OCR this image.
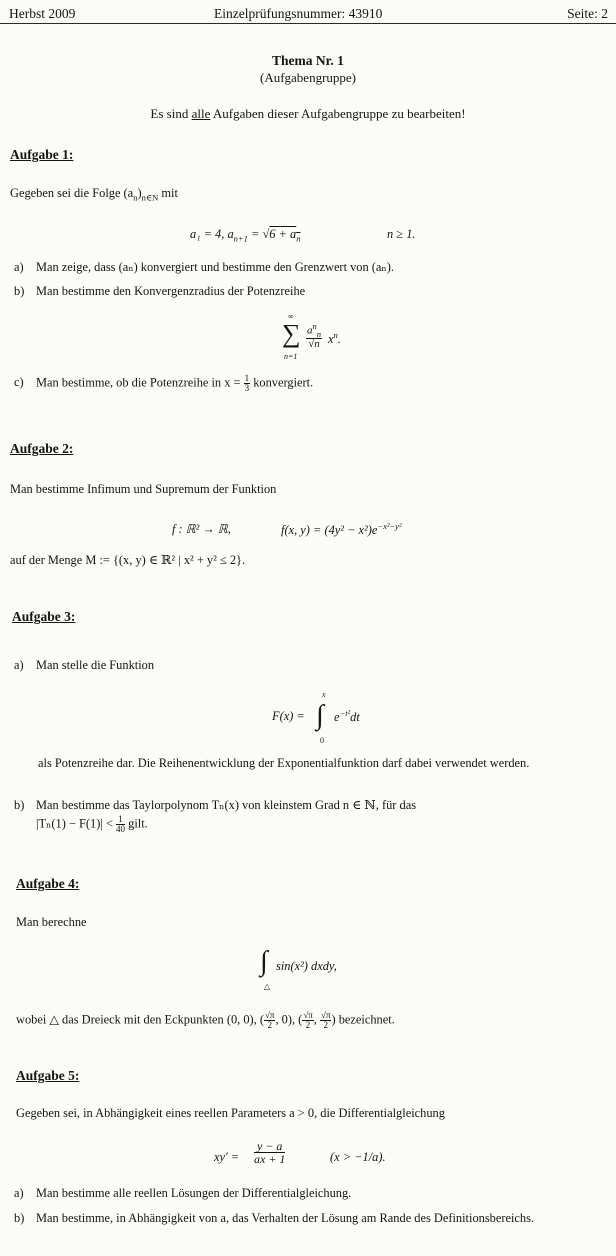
Herbst 2009	Einzelprüfungsnummer: 43910	Seite: 2
Thema Nr. 1
(Aufgabengruppe)
Es sind alle Aufgaben dieser Aufgabengruppe zu bearbeiten!
Aufgabe 1:
Gegeben sei die Folge $(a_n)_{n\in N}$ mit
a₁ = 4, $a_{n+1} = √6 + a_n$	n ≥ 1.
a) Man zeige, dass (aₙ) konvergiert und bestimme den Grenzwert von (aₙ).
b) Man bestimme den Konvergenzradius der Potenzreihe
∞
∑
n=1
$a^n_n$
√n $x^n$.
c) Man bestimme, ob die Potenzreihe in $x = \frac{1}{3}$ konvergiert.
Aufgabe 2:
Man bestimme Infimum und Supremum der Funktion
f : ℝ² → ℝ,	f(x, $y) = (4y^2 - x^2)e^{-x^2-y^2}$
auf der Menge M := {(x, y) ∈ ℝ² | x² + y² ≤ 2}.
Aufgabe 3:
a) Man stelle die Funktion
F(x) =
x
∫
0
$e^{-t^2}dt$
als Potenzreihe dar. Die Reihenentwicklung der Exponentialfunktion darf dabei verwendet werden.
b) Man bestimme das Taylorpolynom Tₙ(x) von kleinstem Grad n ∈ ℕ, für das
$|T_n(1) - F(1)| < \frac{1}{40}$ gilt.
Aufgabe 4:
Man berechne
∫
△
sin(x²) dxdy,
wobei △ das Dreieck mit den Eckpunkten (0, 0), ( $\frac{√\pi}{2}$ , 0), ( $\frac{√\pi}{2}$ , $\frac{√\pi}{2}$ ) bezeichnet.
Aufgabe 5:
Gegeben sei, in Abhängigkeit eines reellen Parameters a > 0, die Differentialgleichung
$xy' = \frac{y - a}{ax + 1}$	(x > −1/a).
a) Man bestimme alle reellen Lösungen der Differentialgleichung.
b) Man bestimme, in Abhängigkeit von a, das Verhalten der Lösung am Rande des Definitionsbereichs.
